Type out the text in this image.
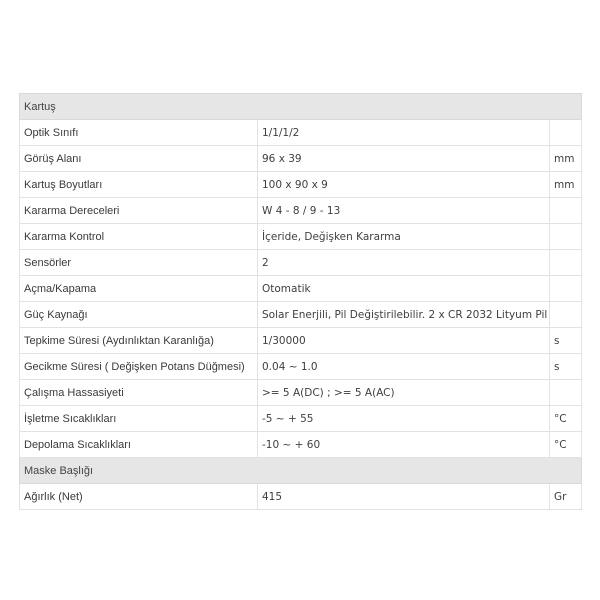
Kartuş		
Optik Sınıfı	1/1/1/2	
Görüş Alanı	96 x 39	mm
Kartuş Boyutları	100 x 90 x 9	mm
Kararma Dereceleri	W 4 - 8 / 9 - 13	
Kararma Kontrol	İçeride, Değişken Kararma	
Sensörler	2	
Açma/Kapama	Otomatik	
Güç Kaynağı	Solar Enerjili, Pil Değiştirilebilir. 2 x CR 2032 Lityum Pil	
Tepkime Süresi (Aydınlıktan Karanlığa)	1/30000	s
Gecikme Süresi ( Değişken Potans Düğmesi)	0.04 ~ 1.0	s
Çalışma Hassasiyeti	>= 5 A(DC) ; >= 5 A(AC)	
İşletme Sıcaklıkları	-5 ~ + 55	°C
Depolama Sıcaklıkları	-10 ~ + 60	°C
Maske Başlığı		
Ağırlık (Net)	415	Gr
